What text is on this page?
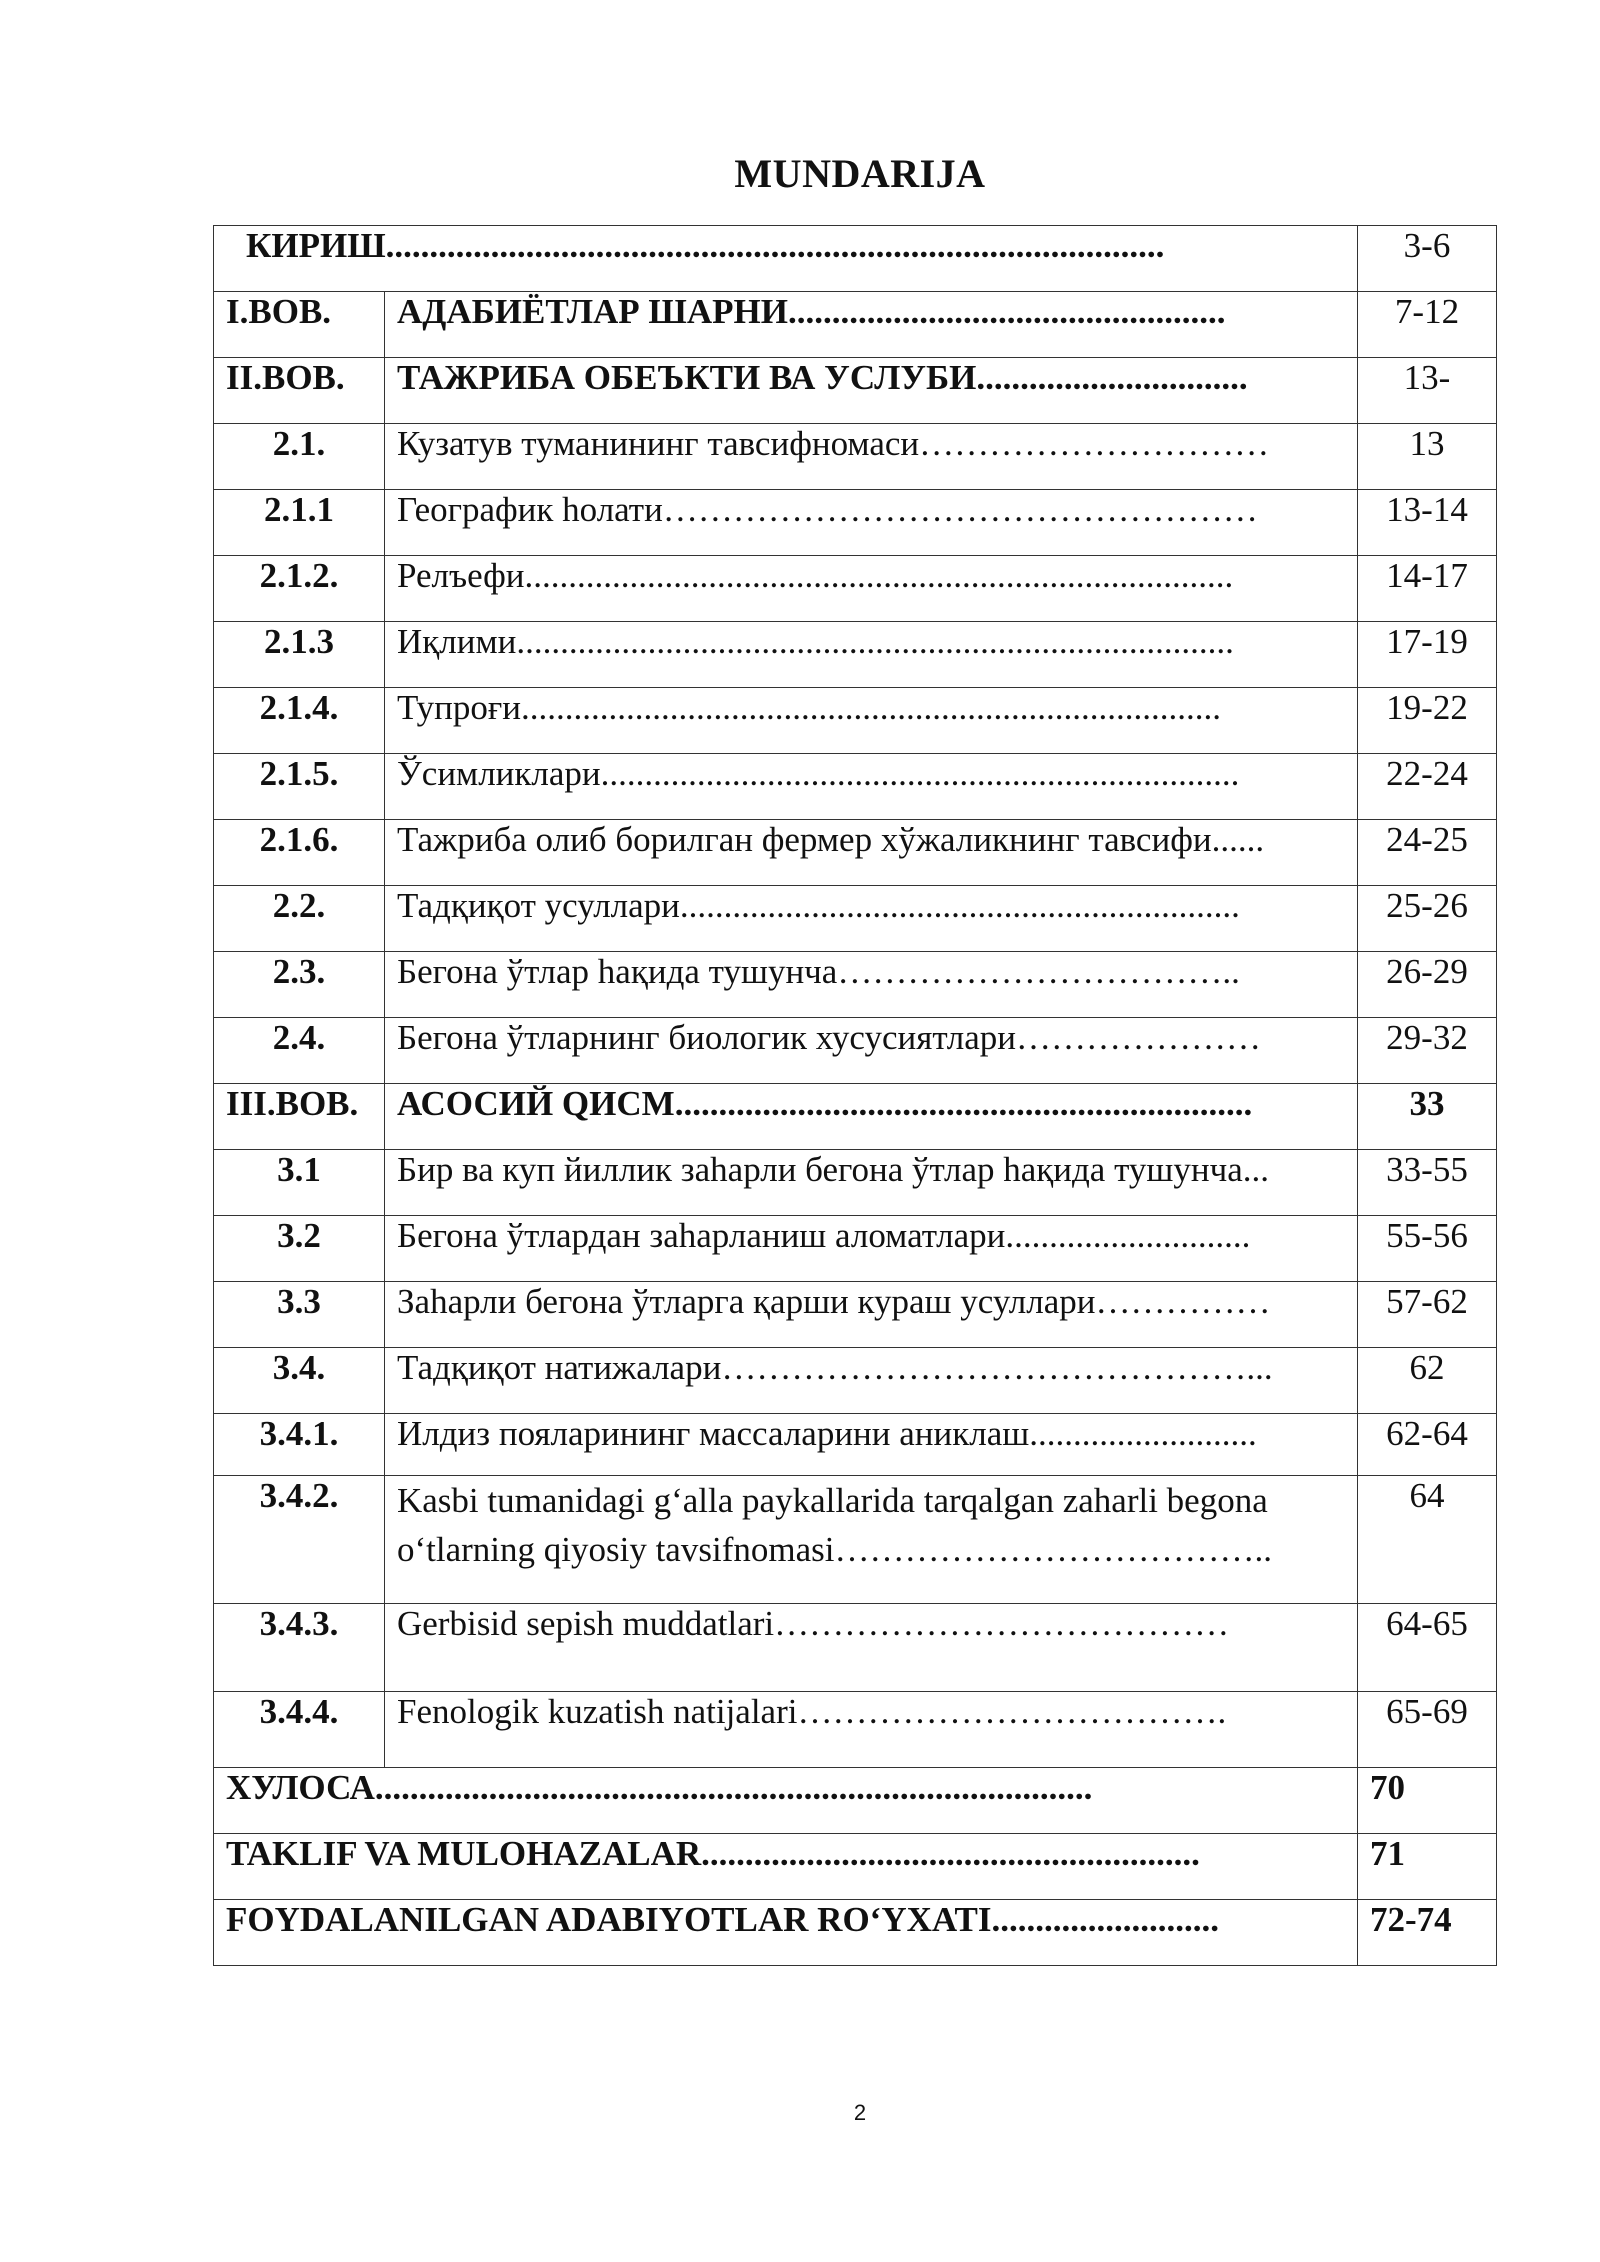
MUNDARIJA
КИРИШ.........................................................................................		3-6
I.BOB.	АДАБИЁТЛАР ШАРНИ..................................................	7-12
II.BOB.	ТАЖРИБА ОБЕЪКТИ ВА УСЛУБИ...............................	13-
2.1.	Кузатув туманининг тавсифномаси…………………………	13
2.1.1	Географик hолати……………………………………………	13-14
2.1.2.	Релъефи.................................................................................	14-17
2.1.3	Иқлими..................................................................................	17-19
2.1.4.	Тупроғи................................................................................	19-22
2.1.5.	Ўсимликлари.........................................................................	22-24
2.1.6.	Тажриба олиб борилган фермер хўжаликнинг тавсифи......	24-25
2.2.	Тадқиқот усуллари................................................................	25-26
2.3.	Бегона ўтлар hақида тушунча……………………………..	26-29
2.4.	Бегона ўтларнинг биологик хусусиятлари…………………	29-32
III.BOB.	АСОСИЙ QИСМ..................................................................	33
3.1	Бир ва куп йиллик заhарли бегона ўтлар hақида тушунча...	33-55
3.2	Бегона ўтлардан заhарланиш аломатлари............................	55-56
3.3	Заhарли бегона ўтларга қарши кураш усуллари……………	57-62
3.4.	Тадқиқот натижалари………………………………………...	62
3.4.1.	Илдиз пояларининг массаларини аниклаш..........................	62-64
3.4.2.	Kasbi tumanidagi g‘alla paykallarida tarqalgan zaharli begona o‘tlarning qiyosiy tavsifnomasi………………………………..	64
3.4.3.	Gerbisid sepish muddatlari…………………………………	64-65
3.4.4.	Fenologik kuzatish natijalari……………………………….	65-69
ХУЛОСА..................................................................................		70
TAKLIF VA MULOHAZALAR.........................................................		71
FOYDALANILGAN ADABIYOTLAR RO‘YXATI..........................		72-74
2
